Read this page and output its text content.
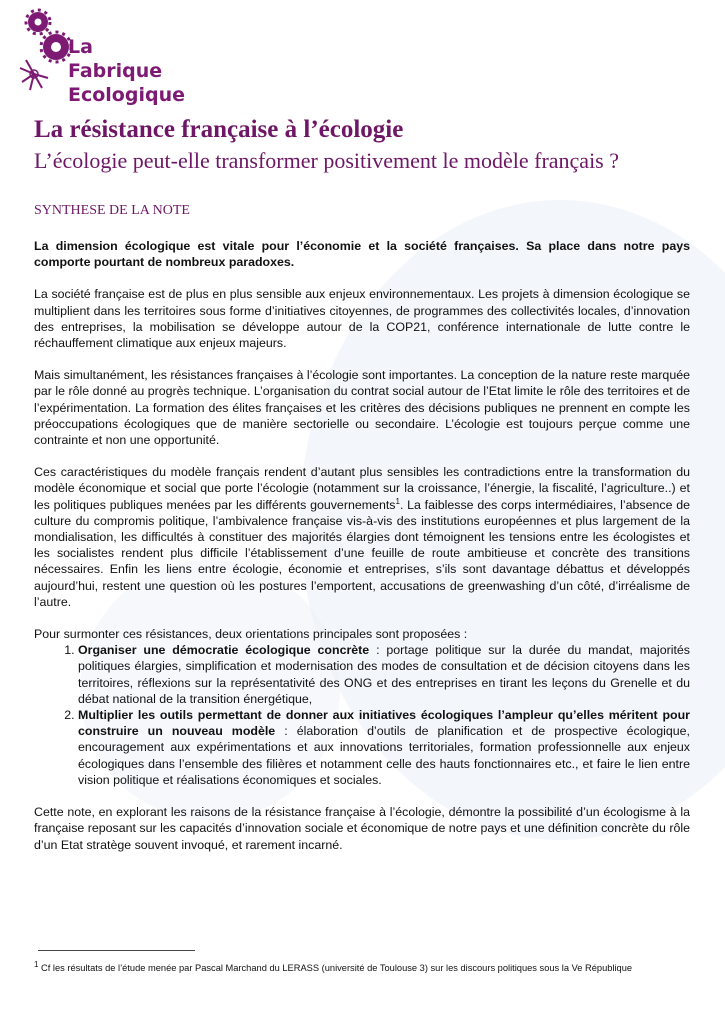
La Fabrique
Ecologique
La résistance française à l’écologie
L’écologie peut-elle transformer positivement le modèle français ?
SYNTHESE DE LA NOTE

La dimension écologique est vitale pour l’économie et la société françaises. Sa place dans notre pays comporte pourtant de nombreux paradoxes.

La société française est de plus en plus sensible aux enjeux environnementaux. Les projets à dimension écologique se multiplient dans les territoires sous forme d’initiatives citoyennes, de programmes des collectivités locales, d’innovation des entreprises, la mobilisation se développe autour de la COP21, conférence internationale de lutte contre le réchauffement climatique aux enjeux majeurs.

Mais simultanément, les résistances françaises à l’écologie sont importantes. La conception de la nature reste marquée par le rôle donné au progrès technique. L’organisation du contrat social autour de l’Etat limite le rôle des territoires et de l’expérimentation. La formation des élites françaises et les critères des décisions publiques ne prennent en compte les préoccupations écologiques que de manière sectorielle ou secondaire. L’écologie est toujours perçue comme une contrainte et non une opportunité.

Ces caractéristiques du modèle français rendent d’autant plus sensibles les contradictions entre la transformation du modèle économique et social que porte l’écologie (notamment sur la croissance, l’énergie, la fiscalité, l’agriculture..) et les politiques publiques menées par les différents gouvernements$^1$. La faiblesse des corps intermédiaires, l’absence de culture du compromis politique, l’ambivalence française vis-à-vis des institutions européennes et plus largement de la mondialisation, les difficultés à constituer des majorités élargies dont témoignent les tensions entre les écologistes et les socialistes rendent plus difficile l’établissement d’une feuille de route ambitieuse et concrète des transitions nécessaires. Enfin les liens entre écologie, économie et entreprises, s’ils sont davantage débattus et développés aujourd’hui, restent une question où les postures l’emportent, accusations de greenwashing d’un côté, d’irréalisme de l’autre.

Pour surmonter ces résistances, deux orientations principales sont proposées :

1. Organiser une démocratie écologique concrète : portage politique sur la durée du mandat, majorités politiques élargies, simplification et modernisation des modes de consultation et de décision citoyens dans les territoires, réflexions sur la représentativité des ONG et des entreprises en tirant les leçons du Grenelle et du débat national de la transition énergétique,
2. Multiplier les outils permettant de donner aux initiatives écologiques l’ampleur qu’elles méritent pour construire un nouveau modèle : élaboration d’outils de planification et de prospective écologique, encouragement aux expérimentations et aux innovations territoriales, formation professionnelle aux enjeux écologiques dans l’ensemble des filières et notamment celle des hauts fonctionnaires etc., et faire le lien entre vision politique et réalisations économiques et sociales.

Cette note, en explorant les raisons de la résistance française à l’écologie, démontre la possibilité d’un écologisme à la française reposant sur les capacités d’innovation sociale et économique de notre pays et une définition concrète du rôle d’un Etat stratège souvent invoqué, et rarement incarné.

$^1$ Cf les résultats de l’étude menée par Pascal Marchand du LERASS (université de Toulouse 3) sur les discours politiques sous la Ve République
